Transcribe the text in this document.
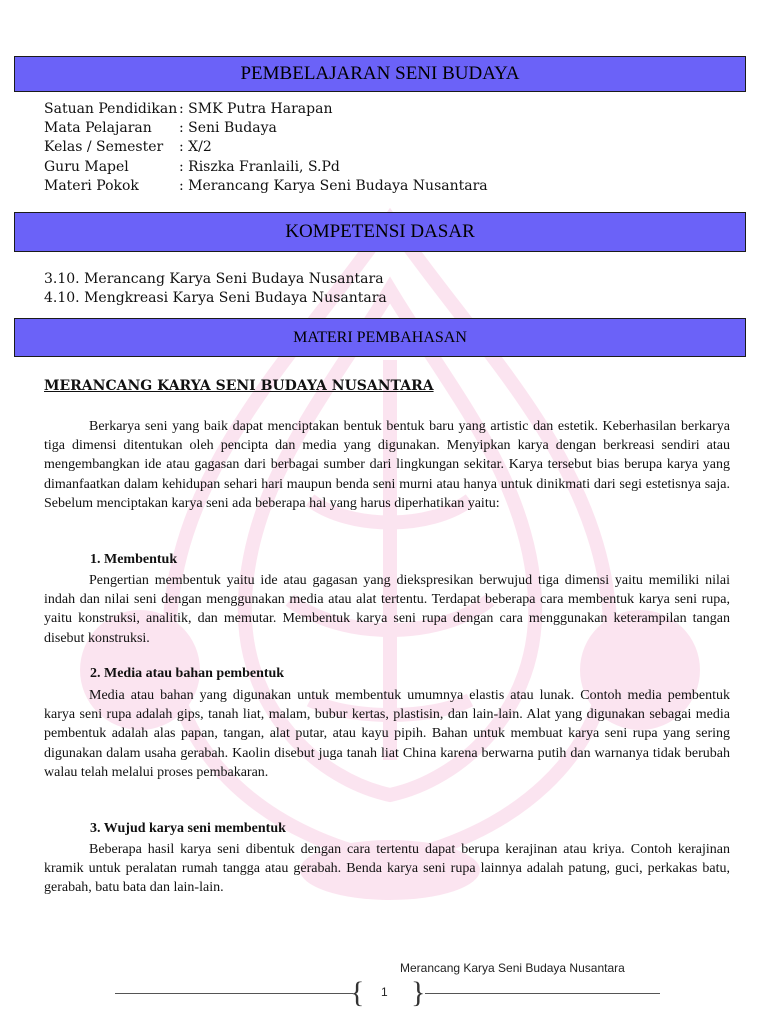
PEMBELAJARAN SENI BUDAYA
Satuan Pendidikan : SMK Putra Harapan
Mata Pelajaran	: Seni Budaya
Kelas / Semester	: X/2
Guru Mapel	: Riszka Franlaili, S.Pd
Materi Pokok	: Merancang Karya Seni Budaya Nusantara
KOMPETENSI DASAR
3.10. Merancang Karya Seni Budaya Nusantara
4.10. Mengkreasi Karya Seni Budaya Nusantara
MATERI PEMBAHASAN
MERANCANG KARYA SENI BUDAYA NUSANTARA

Berkarya seni yang baik dapat menciptakan bentuk bentuk baru yang artistic dan estetik. Keberhasilan berkarya tiga dimensi ditentukan oleh pencipta dan media yang digunakan. Menyipkan karya dengan berkreasi sendiri atau mengembangkan ide atau gagasan dari berbagai sumber dari lingkungan sekitar. Karya tersebut bias berupa karya yang dimanfaatkan dalam kehidupan sehari hari maupun benda seni murni atau hanya untuk dinikmati dari segi estetisnya saja. Sebelum menciptakan karya seni ada beberapa hal yang harus diperhatikan yaitu:

1. Membentuk

Pengertian membentuk yaitu ide atau gagasan yang diekspresikan berwujud tiga dimensi yaitu memiliki nilai indah dan nilai seni dengan menggunakan media atau alat tertentu. Terdapat beberapa cara membentuk karya seni rupa, yaitu konstruksi, analitik, dan memutar. Membentuk karya seni rupa dengan cara menggunakan keterampilan tangan disebut konstruksi.

2. Media atau bahan pembentuk

Media atau bahan yang digunakan untuk membentuk umumnya elastis atau lunak. Contoh media pembentuk karya seni rupa adalah gips, tanah liat, malam, bubur kertas, plastisin, dan lain-lain. Alat yang digunakan sebagai media pembentuk adalah alas papan, tangan, alat putar, atau kayu pipih. Bahan untuk membuat karya seni rupa yang sering digunakan dalam usaha gerabah. Kaolin disebut juga tanah liat China karena berwarna putih dan warnanya tidak berubah walau telah melalui proses pembakaran.

3. Wujud karya seni membentuk

Beberapa hasil karya seni dibentuk dengan cara tertentu dapat berupa kerajinan atau kriya. Contoh kerajinan kramik untuk peralatan rumah tangga atau gerabah. Benda karya seni rupa lainnya adalah patung, guci, perkakas batu, gerabah, batu bata dan lain-lain.

Merancang Karya Seni Budaya Nusantara
{ }
1
